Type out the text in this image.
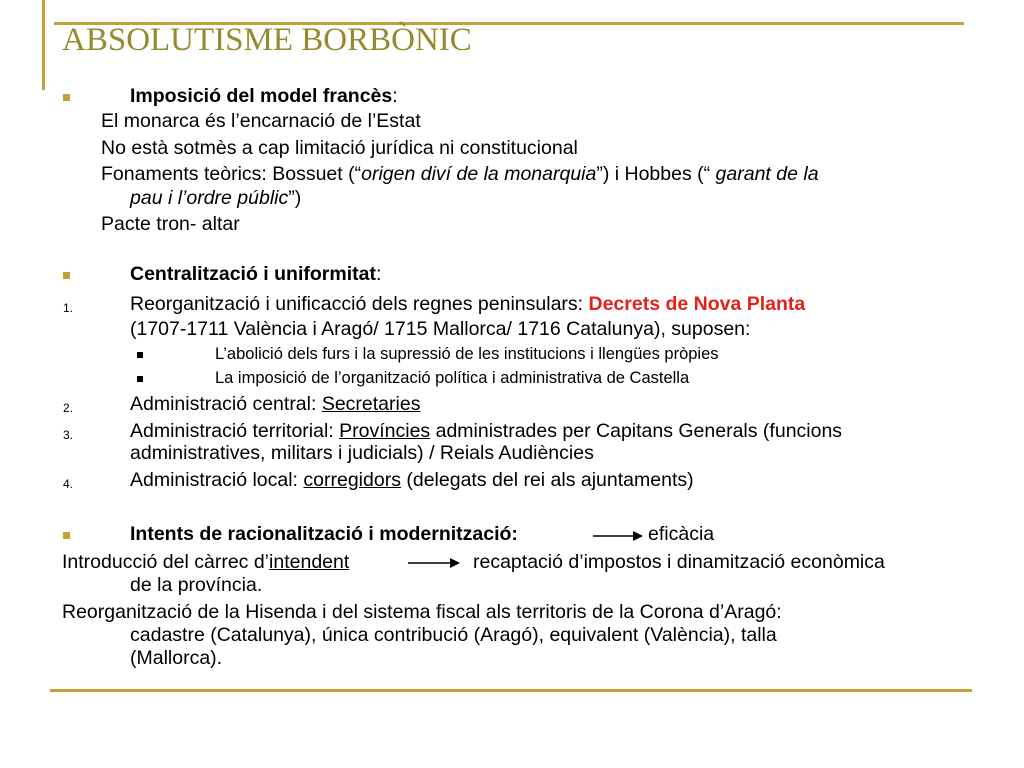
ABSOLUTISME BORBÒNIC
Imposició del model francès:
El monarca és l’encarnació de l’Estat
No està sotmès a cap limitació jurídica ni constitucional
Fonaments teòrics: Bossuet (“origen diví de la monarquia”) i Hobbes (“ garant de la
pau i l’ordre públic”)
Pacte tron- altar
Centralització i uniformitat:
1.	Reorganització i unificacció dels regnes peninsulars: Decrets de Nova Planta
(1707-1711 València i Aragó/ 1715 Mallorca/ 1716 Catalunya), suposen:
L’abolició dels furs i la supressió de les institucions i llengües pròpies
La imposició de l’organització política i administrativa de Castella
2.	Administració central: Secretaries
3.	Administració territorial: Províncies administrades per Capitans Generals (funcions
administratives, militars i judicials) / Reials Audiències
4.	Administració local: corregidors (delegats del rei als ajuntaments)
Intents de racionalització i modernització:	eficàcia
Introducció del càrrec d’intendent	recaptació d’impostos i dinamització econòmica
de la província.
Reorganització de la Hisenda i del sistema fiscal als territoris de la Corona d’Aragó:
cadastre (Catalunya), única contribució (Aragó), equivalent (València), talla
(Mallorca).
